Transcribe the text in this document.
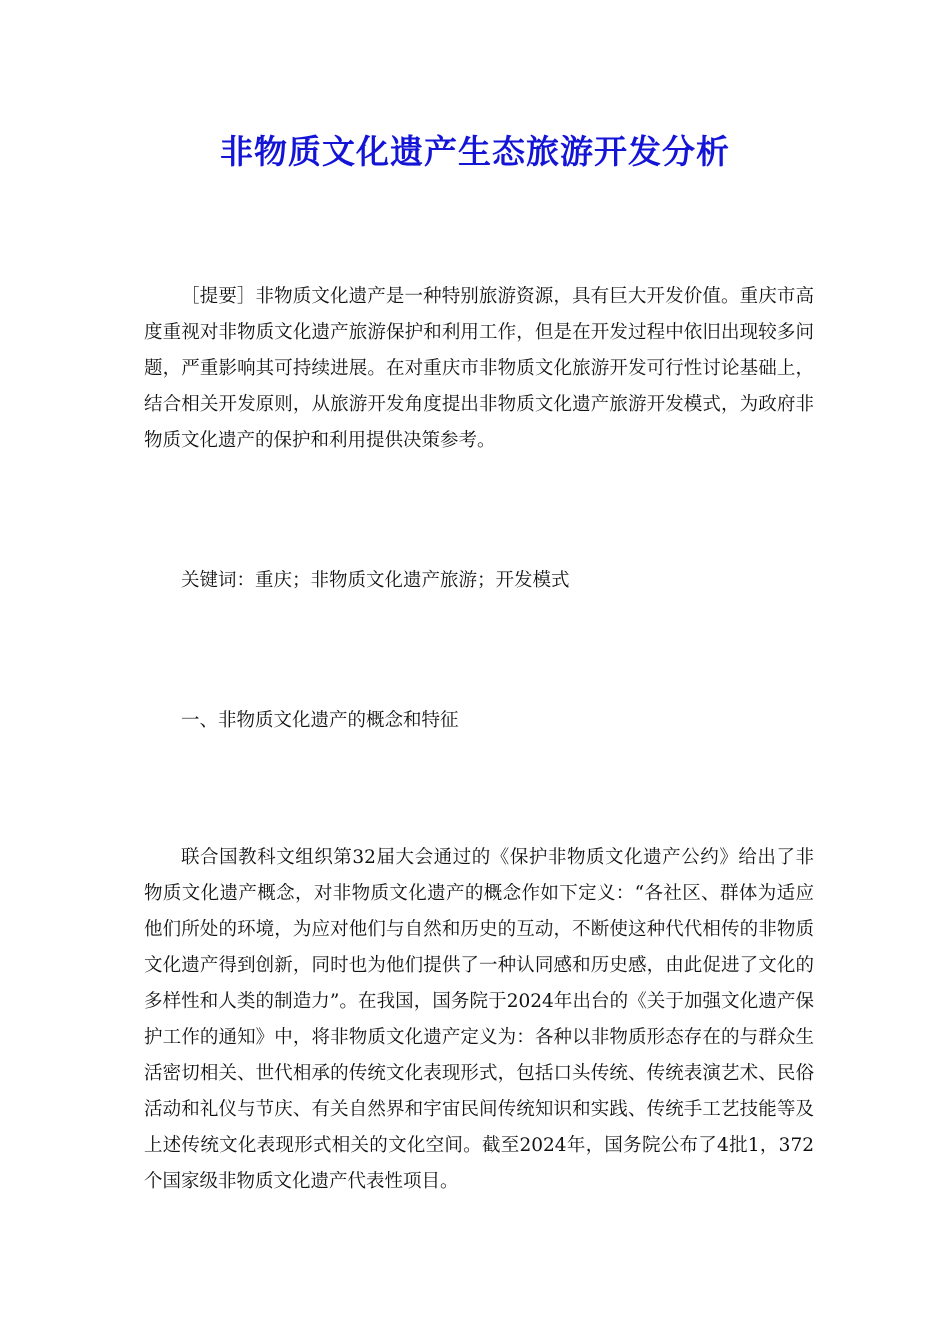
非物质文化遗产生态旅游开发分析

［提要］非物质文化遗产是一种特别旅游资源，具有巨大开发价值。重庆市高度重视对非物质文化遗产旅游保护和利用工作，但是在开发过程中依旧出现较多问题，严重影响其可持续进展。在对重庆市非物质文化旅游开发可行性讨论基础上，结合相关开发原则，从旅游开发角度提出非物质文化遗产旅游开发模式，为政府非物质文化遗产的保护和利用提供决策参考。

关键词：重庆；非物质文化遗产旅游；开发模式

一、非物质文化遗产的概念和特征

联合国教科文组织第32届大会通过的《保护非物质文化遗产公约》给出了非物质文化遗产概念，对非物质文化遗产的概念作如下定义：“各社区、群体为适应他们所处的环境，为应对他们与自然和历史的互动，不断使这种代代相传的非物质文化遗产得到创新，同时也为他们提供了一种认同感和历史感，由此促进了文化的多样性和人类的制造力”。在我国，国务院于2024年出台的《关于加强文化遗产保护工作的通知》中，将非物质文化遗产定义为：各种以非物质形态存在的与群众生活密切相关、世代相承的传统文化表现形式，包括口头传统、传统表演艺术、民俗活动和礼仪与节庆、有关自然界和宇宙民间传统知识和实践、传统手工艺技能等及上述传统文化表现形式相关的文化空间。截至2024年，国务院公布了4批1，372个国家级非物质文化遗产代表性项目。
